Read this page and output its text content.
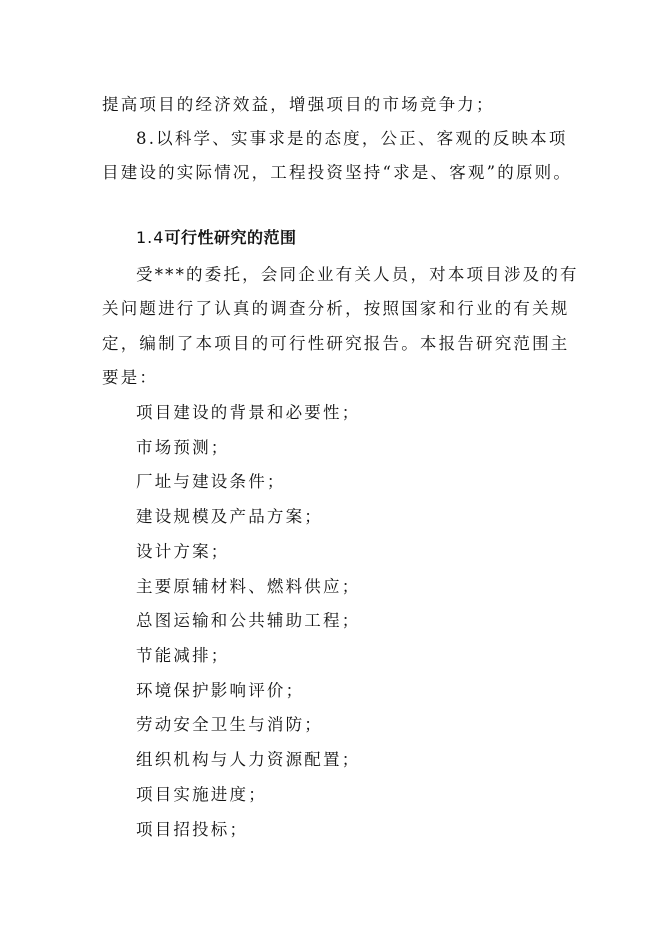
提高项目的经济效益，增强项目的市场竞争力；
8.以科学、实事求是的态度，公正、客观的反映本项
目建设的实际情况，工程投资坚持“求是、客观”的原则。
1.4可行性研究的范围
受***的委托，会同企业有关人员，对本项目涉及的有
关问题进行了认真的调查分析，按照国家和行业的有关规
定，编制了本项目的可行性研究报告。本报告研究范围主
要是：
项目建设的背景和必要性；
市场预测；
厂址与建设条件；
建设规模及产品方案；
设计方案；
主要原辅材料、燃料供应；
总图运输和公共辅助工程；
节能减排；
环境保护影响评价；
劳动安全卫生与消防；
组织机构与人力资源配置；
项目实施进度；
项目招投标；
